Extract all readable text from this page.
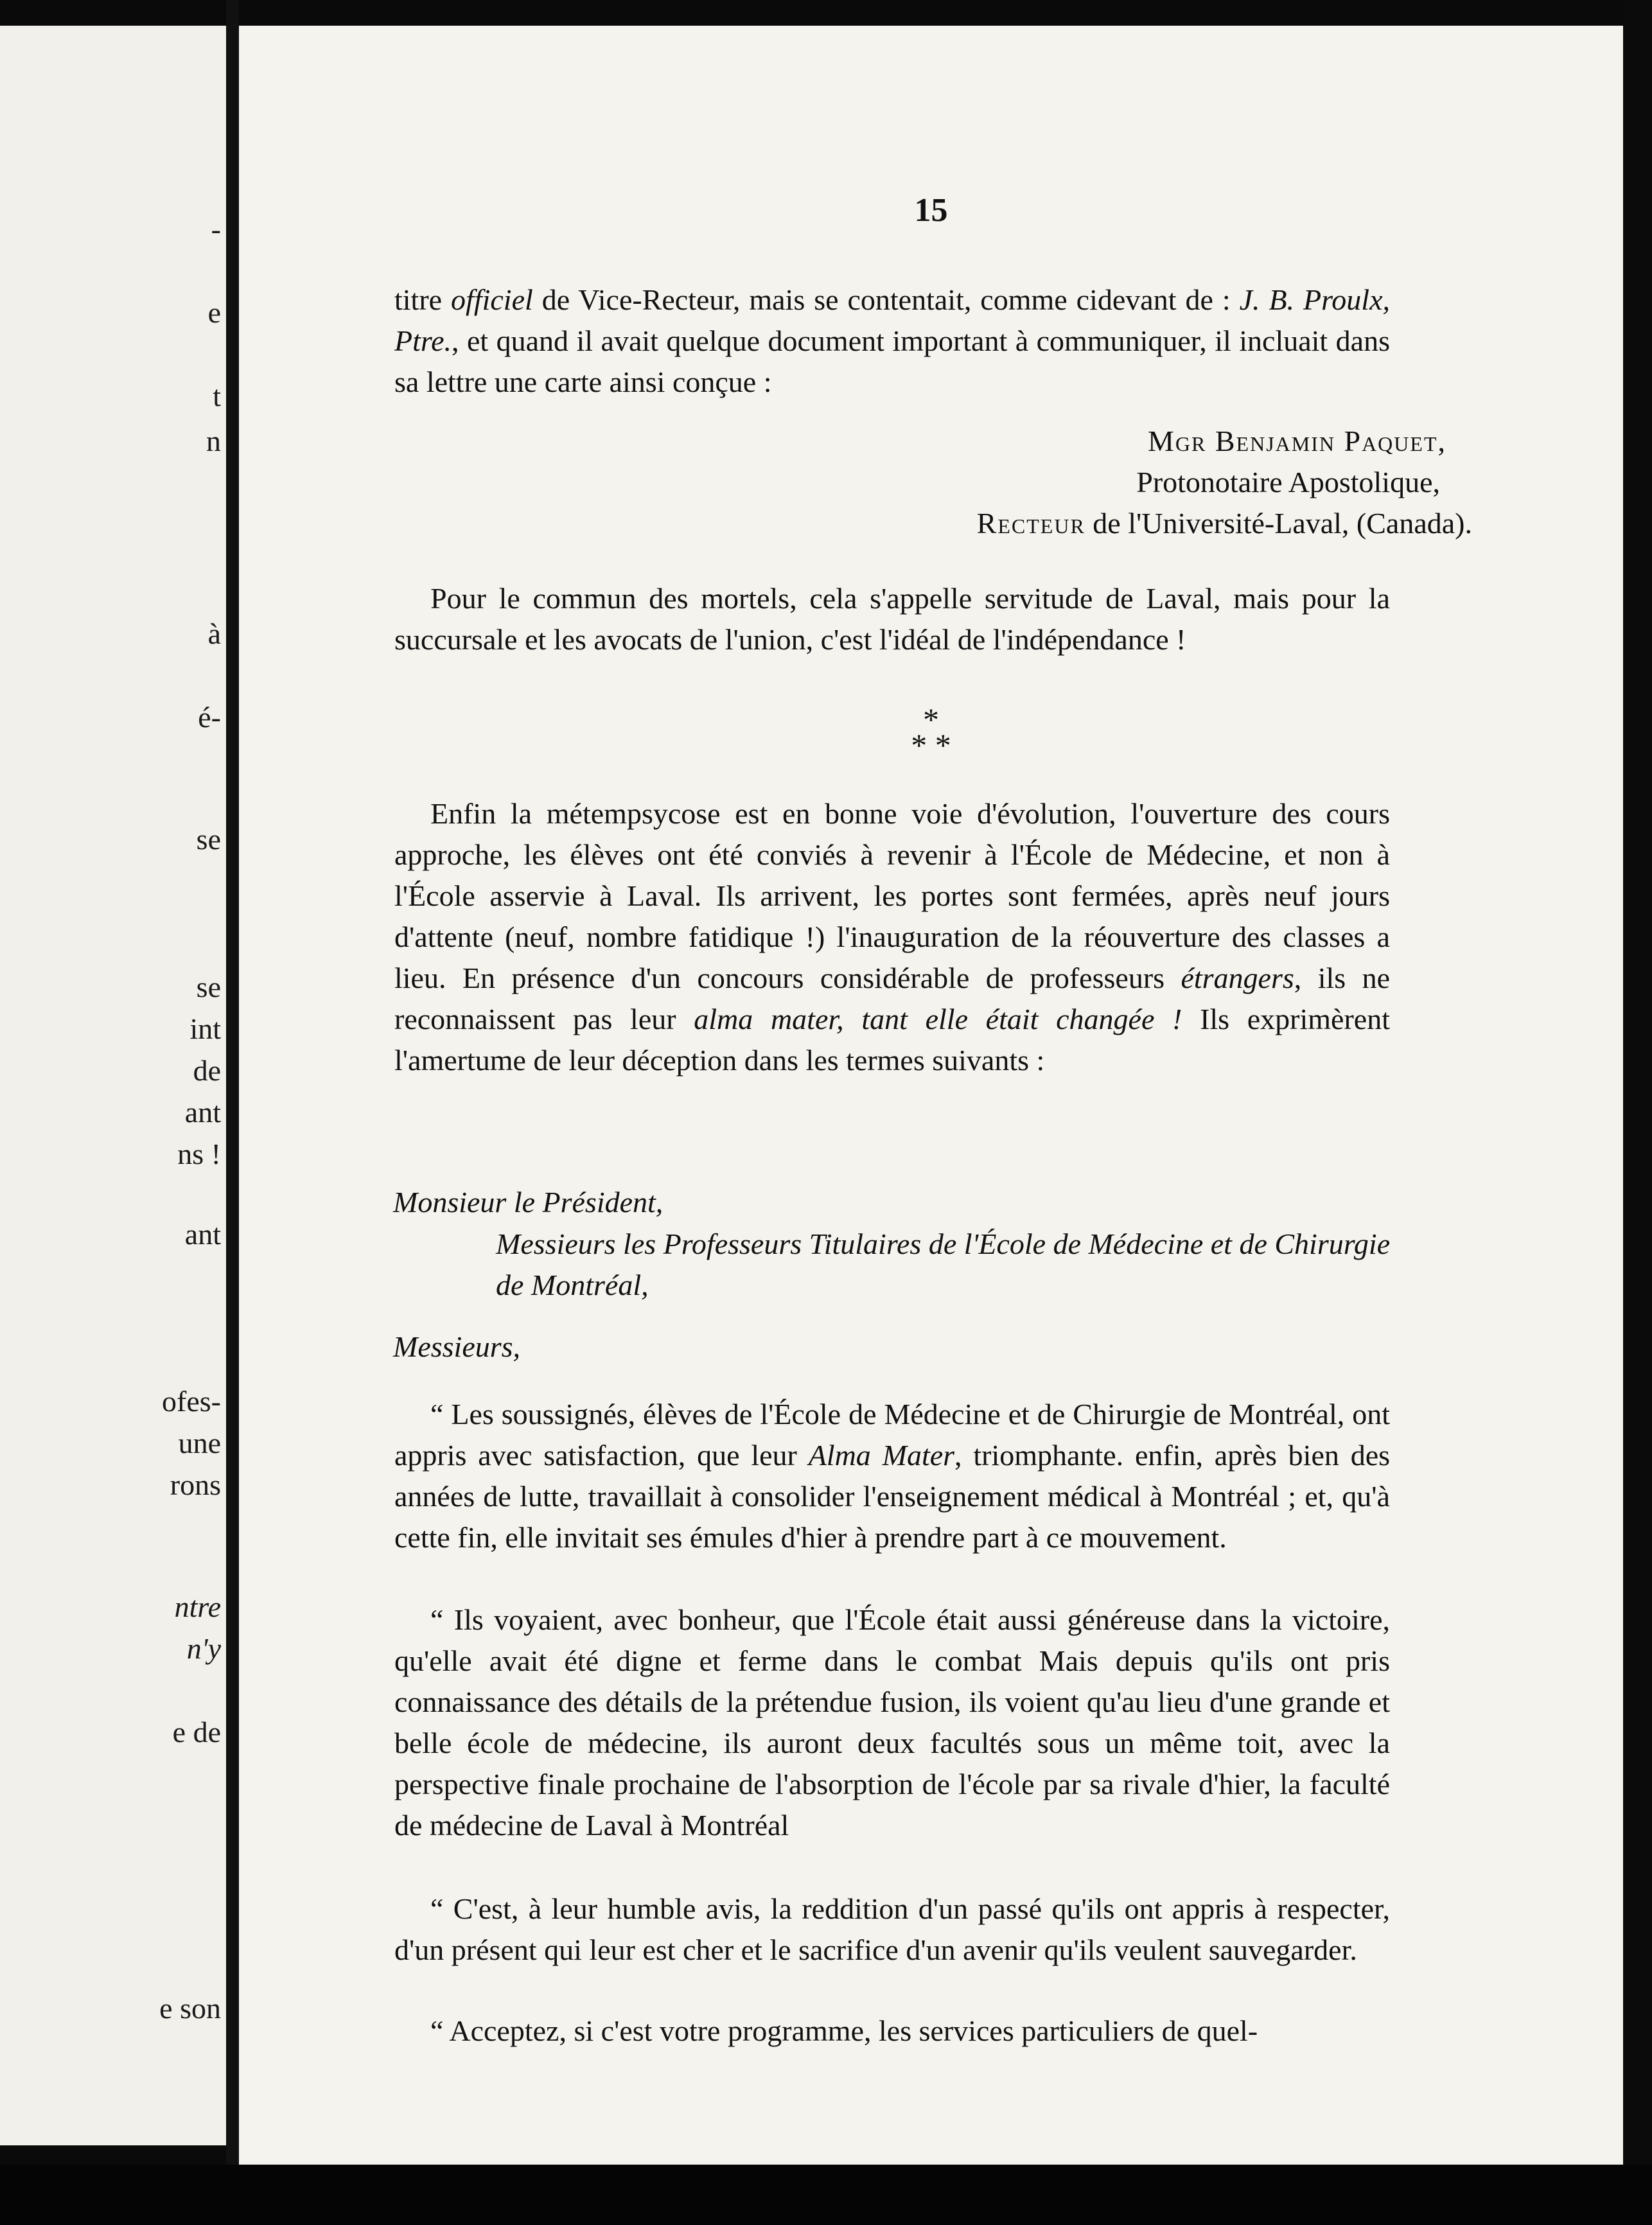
-
e
t
n
à
é-
se
se
int
de
ant
ns !
ant
ofes-
une
rons
ntre
n'y
e de
e son
15

titre officiel de Vice-Recteur, mais se contentait, comme cidevant de : J. B. Proulx, Ptre., et quand il avait quelque document important à communiquer, il incluait dans sa lettre une carte ainsi conçue :

Mgr Benjamin Paquet,
Protonotaire Apostolique,
Recteur de l'Université-Laval, (Canada).

Pour le commun des mortels, cela s'appelle servitude de Laval, mais pour la succursale et les avocats de l'union, c'est l'idéal de l'indépendance !

*
* *

Enfin la métempsycose est en bonne voie d'évolution, l'ouverture des cours approche, les élèves ont été conviés à revenir à l'École de Médecine, et non à l'École asservie à Laval. Ils arrivent, les portes sont fermées, après neuf jours d'attente (neuf, nombre fatidique !) l'inauguration de la réouverture des classes a lieu. En présence d'un concours considérable de professeurs étrangers, ils ne reconnaissent pas leur alma mater, tant elle était changée ! Ils exprimèrent l'amertume de leur déception dans les termes suivants :

Monsieur le Président,
Messieurs les Professeurs Titulaires de l'École de Médecine et de Chirurgie de Montréal,
Messieurs,

“ Les soussignés, élèves de l'École de Médecine et de Chirurgie de Montréal, ont appris avec satisfaction, que leur Alma Mater, triomphante. enfin, après bien des années de lutte, travaillait à consolider l'enseignement médical à Montréal ; et, qu'à cette fin, elle invitait ses émules d'hier à prendre part à ce mouvement.

“ Ils voyaient, avec bonheur, que l'École était aussi généreuse dans la victoire, qu'elle avait été digne et ferme dans le combat Mais depuis qu'ils ont pris connaissance des détails de la prétendue fusion, ils voient qu'au lieu d'une grande et belle école de médecine, ils auront deux facultés sous un même toit, avec la perspective finale prochaine de l'absorption de l'école par sa rivale d'hier, la faculté de médecine de Laval à Montréal

“ C'est, à leur humble avis, la reddition d'un passé qu'ils ont appris à respecter, d'un présent qui leur est cher et le sacrifice d'un avenir qu'ils veulent sauvegarder.

“ Acceptez, si c'est votre programme, les services particuliers de quel-
